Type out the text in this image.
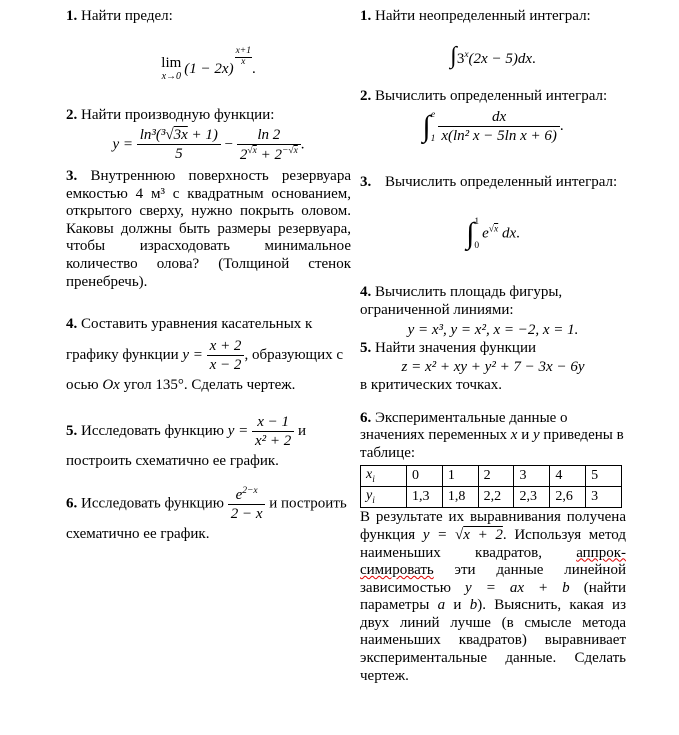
1. Найти предел:
lim
x→0
(1 − 2x)
$\frac{x+1}{x}$.
2. Найти производную функции:
$y = \frac{\text{ln³(³√3x + 1)}}{5} - \frac{\ln 2}{2^{√x} + 2^{-√x}}$ .
3. Внутреннюю поверхность резервуара
емкостью 4 м³ с квадратным основанием,
открытого сверху, нужно покрыть оловом.
Каковы должны быть размеры резервуара,
чтобы израсходовать минимальное
количество олова? (Толщиной стенок
пренебречь).
4. Составить уравнения касательных к
графику функции $y = \frac{x + 2}{x - 2}$ , образующих с
осью Ox угол 135°. Сделать чертеж.
5. Исследовать функцию $y = \frac{x - 1}{\text{x² + 2}}$ и
построить схематично ее график.
6. Исследовать функцию $\frac{e^{2-x}}{2 - x}$ и построить
схематично ее график.
1. Найти неопределенный интеграл:
$\int 3^x(2x - 5)dx$.
2. Вычислить определенный интеграл:
∫ e
$1 \frac{dx}{\text{x(ln² x − 5ln x + 6)}}$ .
3. Вычислить определенный интеграл:
∫ 1
0
$e^{√x}$ dx.
4. Вычислить площадь фигуры,
ограниченной линиями:
y = x³, y = x², x = −2, x = 1.
5. Найти значения функции
z = x² + xy + y² + 7 − 3x − 6y
в критических точках.
6. Экспериментальные данные о
значениях переменных x и y приведены в
таблице:
$x_i$	0	1	2	3	4	5
$y_i$	1,3	1,8	2,2	2,3	2,6	3
В результате их выравнивания получена
функция y = √x + 2. Используя метод
наименьших квадратов, аппрок-
симировать эти данные линейной
зависимостью y = ax + b (найти
параметры a и b). Выяснить, какая из
двух линий лучше (в смысле метода
наименьших квадратов) выравнивает
экспериментальные данные. Сделать
чертеж.
